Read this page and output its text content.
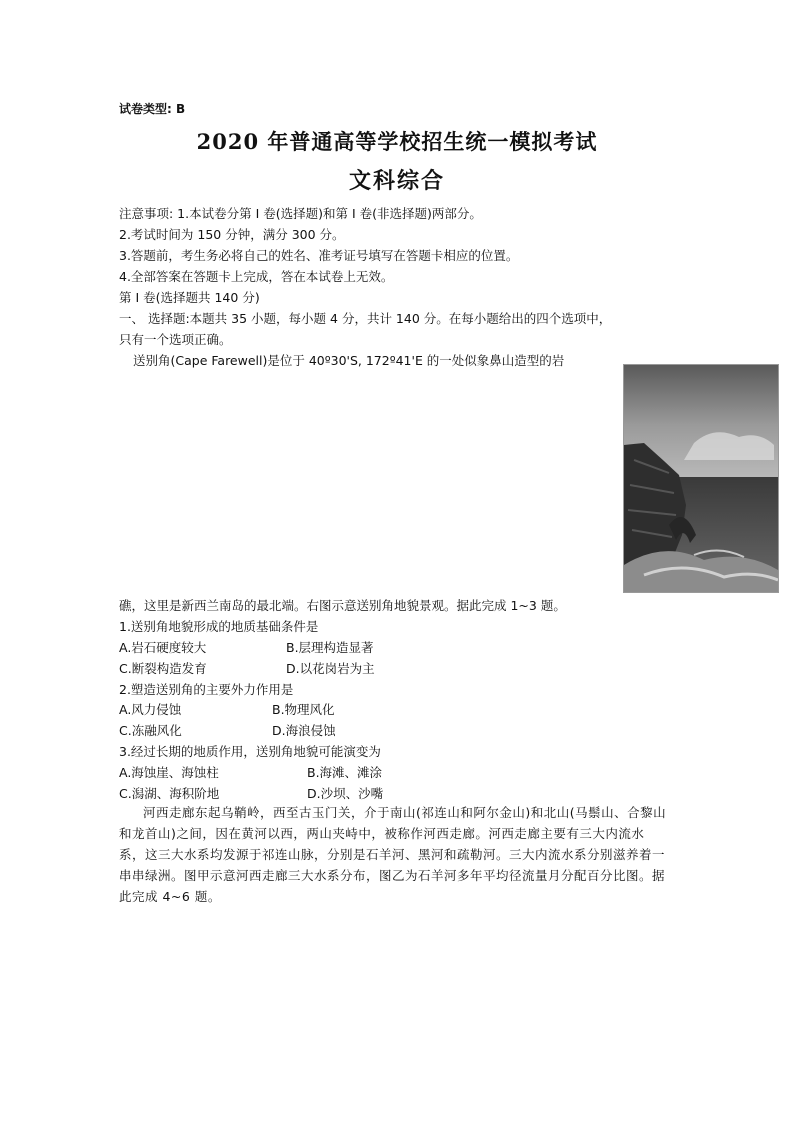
试卷类型: B
2020 年普通高等学校招生统一模拟考试
文科综合
注意事项: 1.本试卷分第 I 卷(选择题)和第 I 卷(非选择题)两部分。
2.考试时间为 150 分钟，满分 300 分。
3.答题前，考生务必将自己的姓名、准考证号填写在答题卡相应的位置。
4.全部答案在答题卡上完成，答在本试卷上无效。
第 I 卷(选择题共 140 分)
一、 选择题:本题共 35 小题，每小题 4 分，共计 140 分。在每小题给出的四个选项中，
只有一个选项正确。
送别角(Cape Farewell)是位于 40º30'S, 172º41'E 的一处似象鼻山造型的岩
礁，这里是新西兰南岛的最北端。右图示意送别角地貌景观。据此完成 1~3 题。
1.送别角地貌形成的地质基础条件是
A.岩石硬度较大	B.层理构造显著
C.断裂构造发育	D.以花岗岩为主
2.塑造送别角的主要外力作用是
A.风力侵蚀	B.物理风化
C.冻融风化	D.海浪侵蚀
3.经过长期的地质作用，送别角地貌可能演变为
A.海蚀崖、海蚀柱	B.海滩、滩涂
C.潟湖、海积阶地	D.沙坝、沙嘴
河西走廊东起乌鞘岭，西至古玉门关，介于南山(祁连山和阿尔金山)和北山(马鬃山、合黎山和龙首山)之间，因在黄河以西，两山夹峙中，被称作河西走廊。河西走廊主要有三大内流水系，这三大水系均发源于祁连山脉，分别是石羊河、黑河和疏勒河。三大内流水系分别滋养着一串串绿洲。图甲示意河西走廊三大水系分布，图乙为石羊河多年平均径流量月分配百分比图。据此完成 4~6 题。
